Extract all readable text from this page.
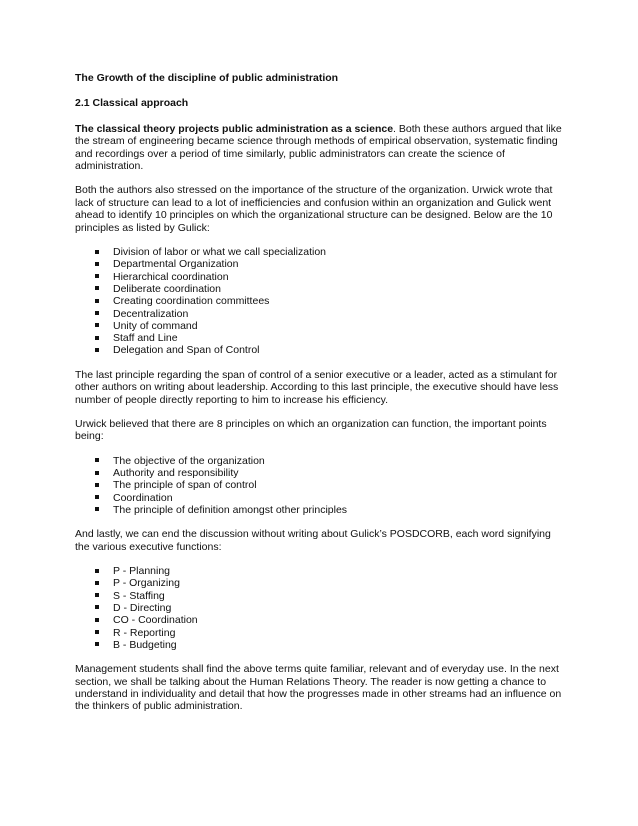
The Growth of the discipline of public administration
2.1 Classical approach

The classical theory projects public administration as a science. Both these authors argued that like the stream of engineering became science through methods of empirical observation, systematic finding and recordings over a period of time similarly, public administrators can create the science of administration.

Both the authors also stressed on the importance of the structure of the organization. Urwick wrote that lack of structure can lead to a lot of inefficiencies and confusion within an organization and Gulick went ahead to identify 10 principles on which the organizational structure can be designed. Below are the 10 principles as listed by Gulick:

Division of labor or what we call specialization
Departmental Organization
Hierarchical coordination
Deliberate coordination
Creating coordination committees
Decentralization
Unity of command
Staff and Line
Delegation and Span of Control

The last principle regarding the span of control of a senior executive or a leader, acted as a stimulant for other authors on writing about leadership. According to this last principle, the executive should have less number of people directly reporting to him to increase his efficiency.

Urwick believed that there are 8 principles on which an organization can function, the important points being:

The objective of the organization
Authority and responsibility
The principle of span of control
Coordination
The principle of definition amongst other principles

And lastly, we can end the discussion without writing about Gulick’s POSDCORB, each word signifying the various executive functions:

P - Planning
P - Organizing
S - Staffing
D - Directing
CO - Coordination
R - Reporting
B - Budgeting

Management students shall find the above terms quite familiar, relevant and of everyday use. In the next section, we shall be talking about the Human Relations Theory. The reader is now getting a chance to understand in individuality and detail that how the progresses made in other streams had an influence on the thinkers of public administration.
